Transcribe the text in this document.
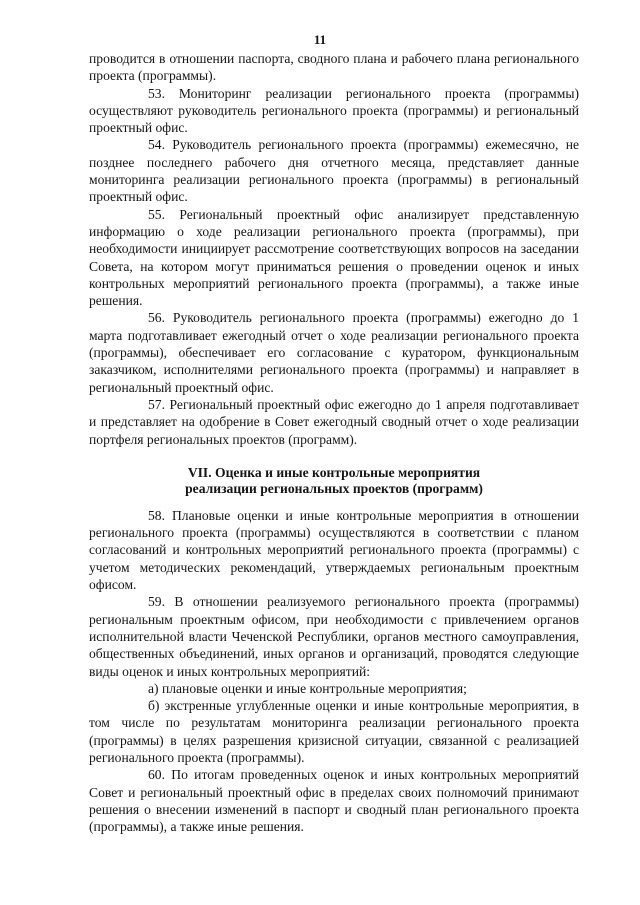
11

проводится в отношении паспорта, сводного плана и рабочего плана регионального проекта (программы).

53. Мониторинг реализации регионального проекта (программы) осуществляют руководитель регионального проекта (программы) и региональный проектный офис.

54. Руководитель регионального проекта (программы) ежемесячно, не позднее последнего рабочего дня отчетного месяца, представляет данные мониторинга реализации регионального проекта (программы) в региональный проектный офис.

55. Региональный проектный офис анализирует представленную информацию о ходе реализации регионального проекта (программы), при необходимости инициирует рассмотрение соответствующих вопросов на заседании Совета, на котором могут приниматься решения о проведении оценок и иных контрольных мероприятий регионального проекта (программы), а также иные решения.

56. Руководитель регионального проекта (программы) ежегодно до 1 марта подготавливает ежегодный отчет о ходе реализации регионального проекта (программы), обеспечивает его согласование с куратором, функциональным заказчиком, исполнителями регионального проекта (программы) и направляет в региональный проектный офис.

57. Региональный проектный офис ежегодно до 1 апреля подготавливает и представляет на одобрение в Совет ежегодный сводный отчет о ходе реализации портфеля региональных проектов (программ).

VII. Оценка и иные контрольные мероприятия
реализации региональных проектов (программ)

58. Плановые оценки и иные контрольные мероприятия в отношении регионального проекта (программы) осуществляются в соответствии с планом согласований и контрольных мероприятий регионального проекта (программы) с учетом методических рекомендаций, утверждаемых региональным проектным офисом.

59. В отношении реализуемого регионального проекта (программы) региональным проектным офисом, при необходимости с привлечением органов исполнительной власти Чеченской Республики, органов местного самоуправления, общественных объединений, иных органов и организаций, проводятся следующие виды оценок и иных контрольных мероприятий:

а) плановые оценки и иные контрольные мероприятия;

б) экстренные углубленные оценки и иные контрольные мероприятия, в том числе по результатам мониторинга реализации регионального проекта (программы) в целях разрешения кризисной ситуации, связанной с реализацией регионального проекта (программы).

60. По итогам проведенных оценок и иных контрольных мероприятий Совет и региональный проектный офис в пределах своих полномочий принимают решения о внесении изменений в паспорт и сводный план регионального проекта (программы), а также иные решения.
